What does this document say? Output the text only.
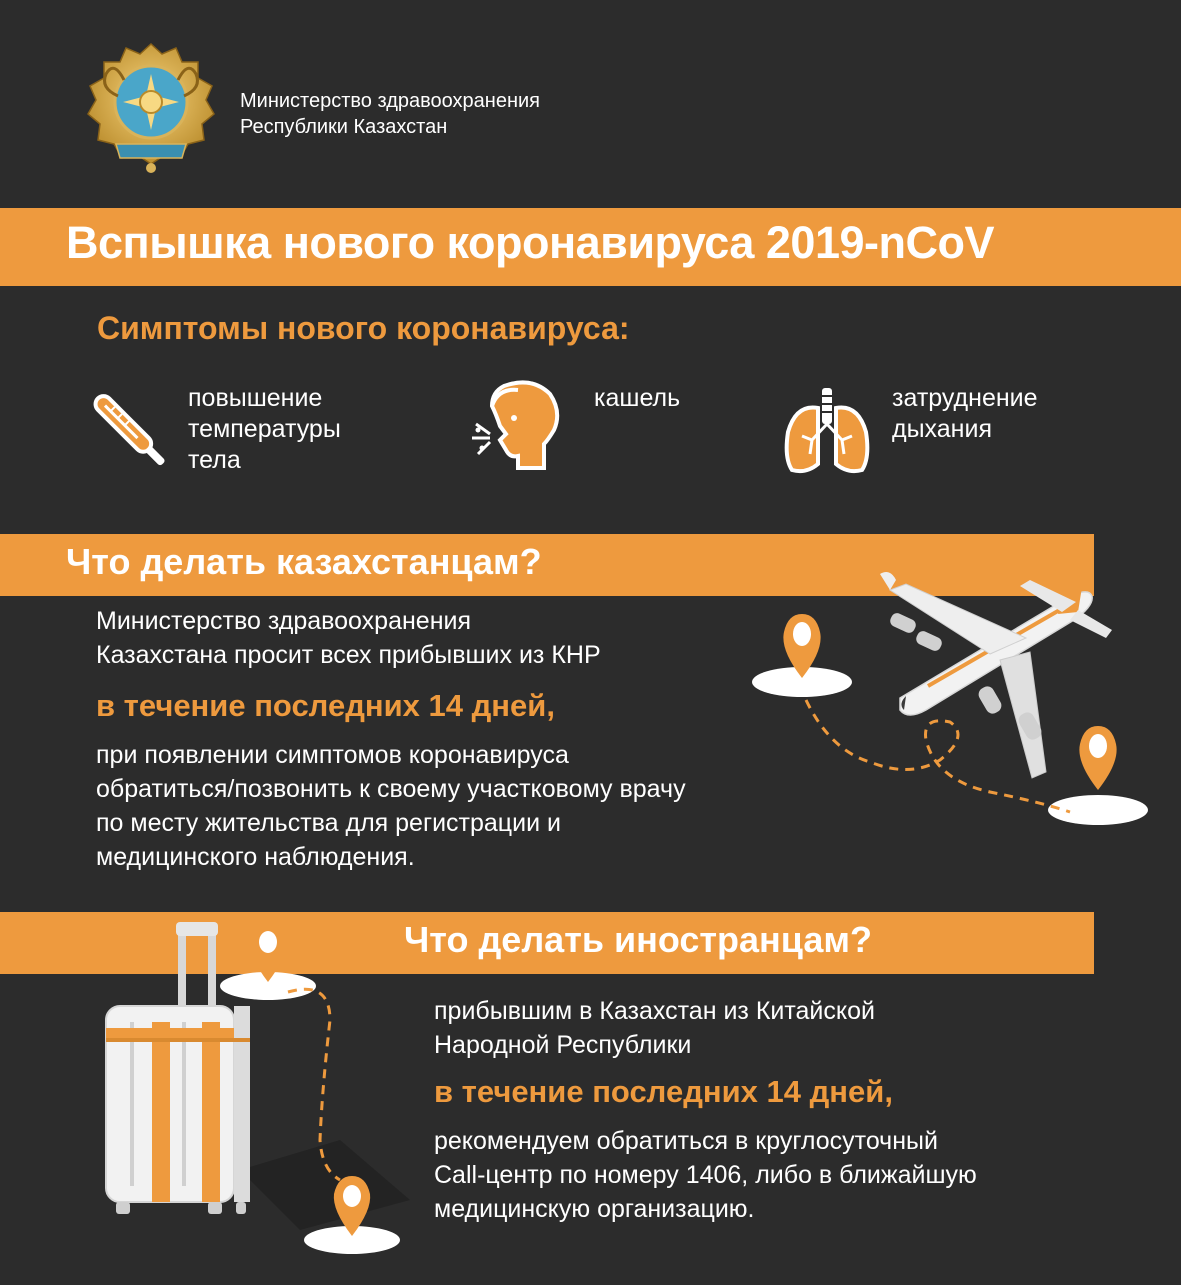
Министерство здравоохранения
Республики Казахстан
Вспышка нового коронавируса 2019-nCoV
Симптомы нового коронавируса:
повышение
температуры
тела
кашель	затруднение
дыхания
Что делать казахстанцам?
Министерство здравоохранения
Казахстана просит всех прибывших из КНР
в течение последних 14 дней,
при появлении симптомов коронавируса
обратиться/позвонить к своему участковому врачу
по месту жительства для регистрации и
медицинского наблюдения.
Что делать иностранцам?
прибывшим в Казахстан из Китайской
Народной Республики
в течение последних 14 дней,
рекомендуем обратиться в круглосуточный
Call-центр по номеру 1406, либо в ближайшую
медицинскую организацию.
